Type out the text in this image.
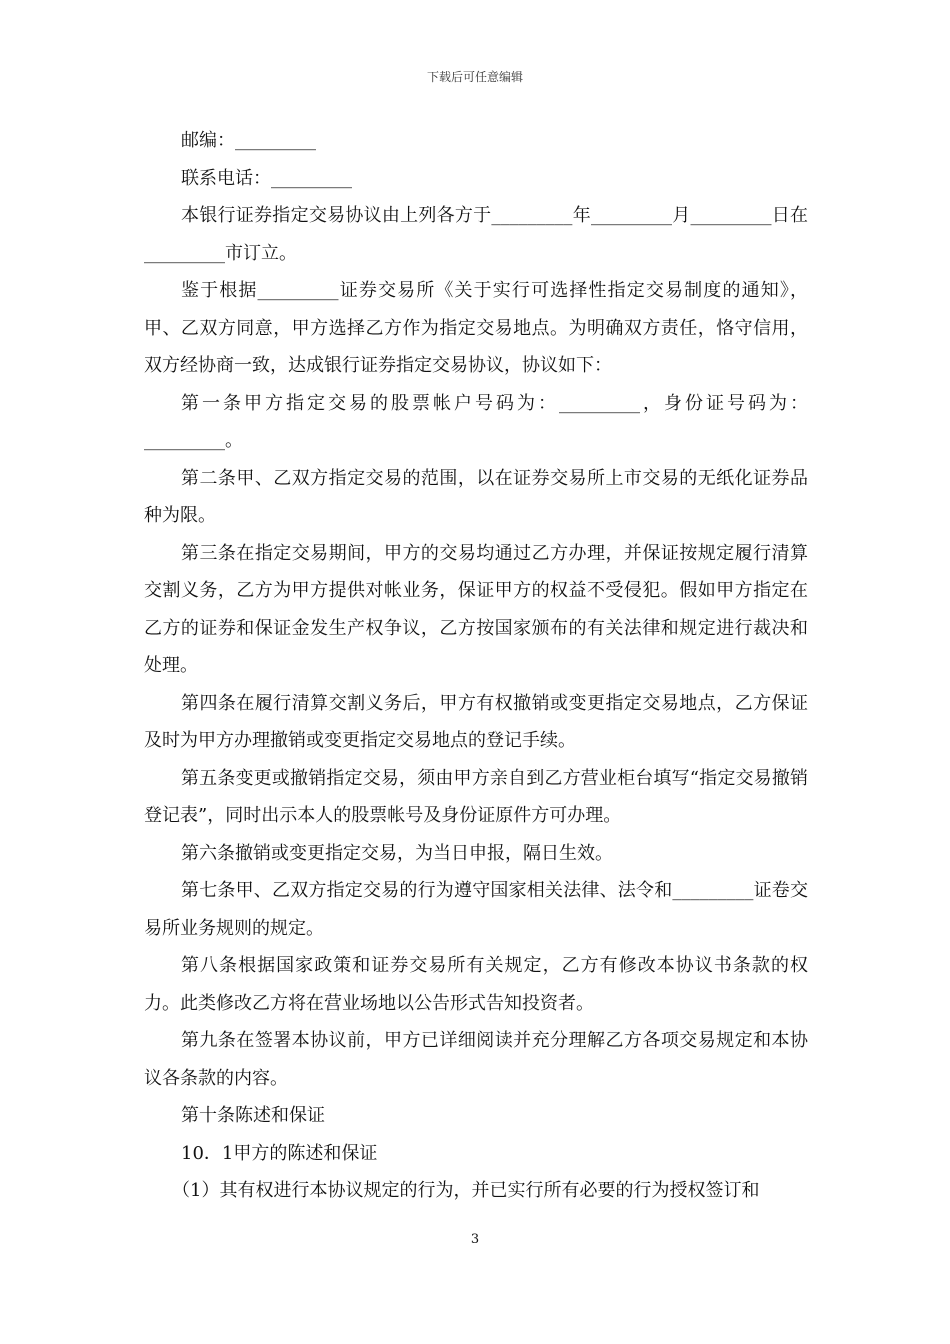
下载后可任意编辑

邮编：_________

联系电话：_________

本银行证券指定交易协议由上列各方于_________年_________月_________日在_________市订立。

鉴于根据_________证券交易所《关于实行可选择性指定交易制度的通知》，甲、乙双方同意，甲方选择乙方作为指定交易地点。为明确双方责任，恪守信用，双方经协商一致，达成银行证券指定交易协议，协议如下：

第一条甲方指定交易的股票帐户号码为：_________，身份证号码为：_________。

第二条甲、乙双方指定交易的范围，以在证券交易所上市交易的无纸化证券品种为限。

第三条在指定交易期间，甲方的交易均通过乙方办理，并保证按规定履行清算交割义务，乙方为甲方提供对帐业务，保证甲方的权益不受侵犯。假如甲方指定在乙方的证券和保证金发生产权争议，乙方按国家颁布的有关法律和规定进行裁决和处理。

第四条在履行清算交割义务后，甲方有权撤销或变更指定交易地点，乙方保证及时为甲方办理撤销或变更指定交易地点的登记手续。

第五条变更或撤销指定交易，须由甲方亲自到乙方营业柜台填写“指定交易撤销登记表”，同时出示本人的股票帐号及身份证原件方可办理。

第六条撤销或变更指定交易，为当日申报，隔日生效。

第七条甲、乙双方指定交易的行为遵守国家相关法律、法令和_________证卷交易所业务规则的规定。

第八条根据国家政策和证券交易所有关规定，乙方有修改本协议书条款的权力。此类修改乙方将在营业场地以公告形式告知投资者。

第九条在签署本协议前，甲方已详细阅读并充分理解乙方各项交易规定和本协议各条款的内容。

第十条陈述和保证

10．1甲方的陈述和保证

（1）其有权进行本协议规定的行为，并已实行所有必要的行为授权签订和

3
